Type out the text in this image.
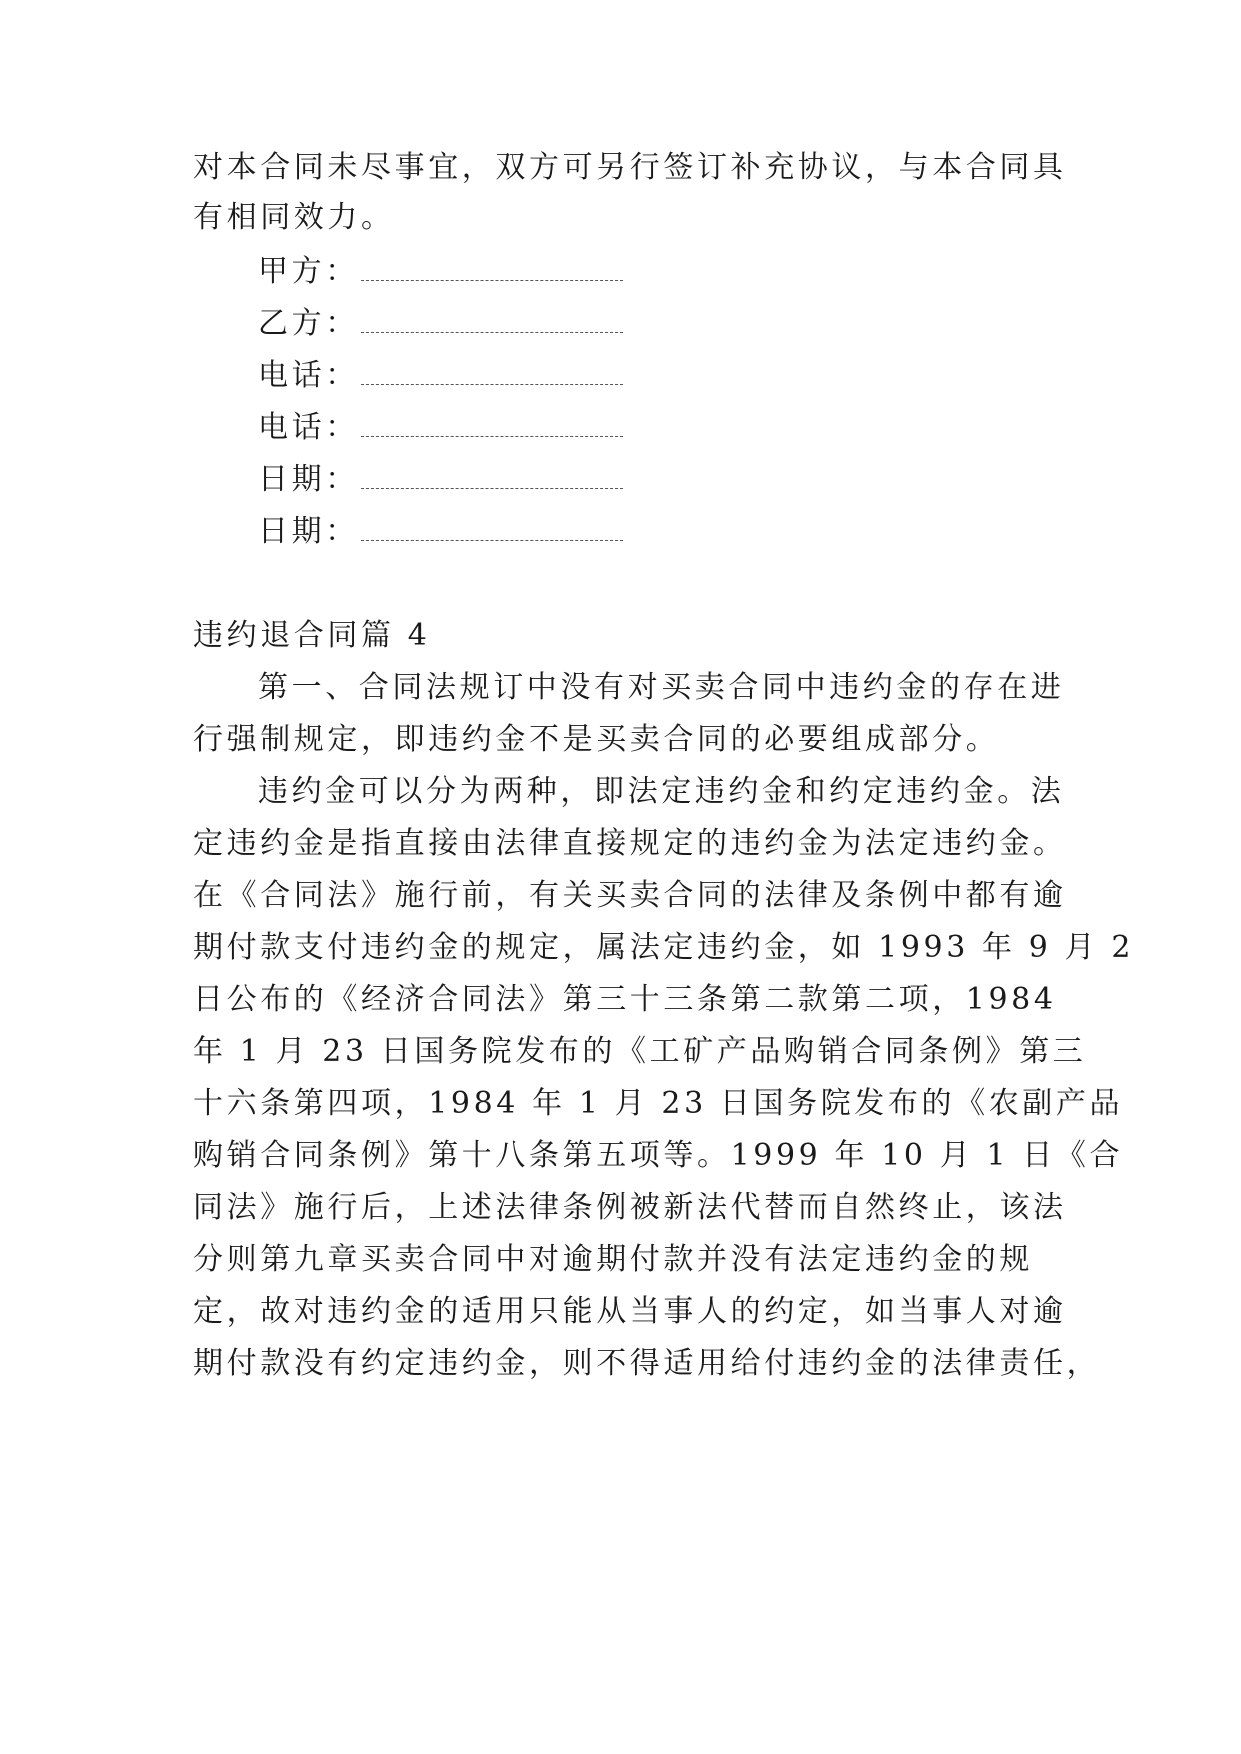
对本合同未尽事宜，双方可另行签订补充协议，与本合同具
有相同效力。
甲方：
乙方：
电话：
电话：
日期：
日期：
违约退合同篇 4
第一、合同法规订中没有对买卖合同中违约金的存在进
行强制规定，即违约金不是买卖合同的必要组成部分。
违约金可以分为两种，即法定违约金和约定违约金。法
定违约金是指直接由法律直接规定的违约金为法定违约金。
在《合同法》施行前，有关买卖合同的法律及条例中都有逾
期付款支付违约金的规定，属法定违约金，如 1993 年 9 月 2
日公布的《经济合同法》第三十三条第二款第二项，1984
年 1 月 23 日国务院发布的《工矿产品购销合同条例》第三
十六条第四项，1984 年 1 月 23 日国务院发布的《农副产品
购销合同条例》第十八条第五项等。1999 年 10 月 1 日《合
同法》施行后，上述法律条例被新法代替而自然终止，该法
分则第九章买卖合同中对逾期付款并没有法定违约金的规
定，故对违约金的适用只能从当事人的约定，如当事人对逾
期付款没有约定违约金，则不得适用给付违约金的法律责任，
